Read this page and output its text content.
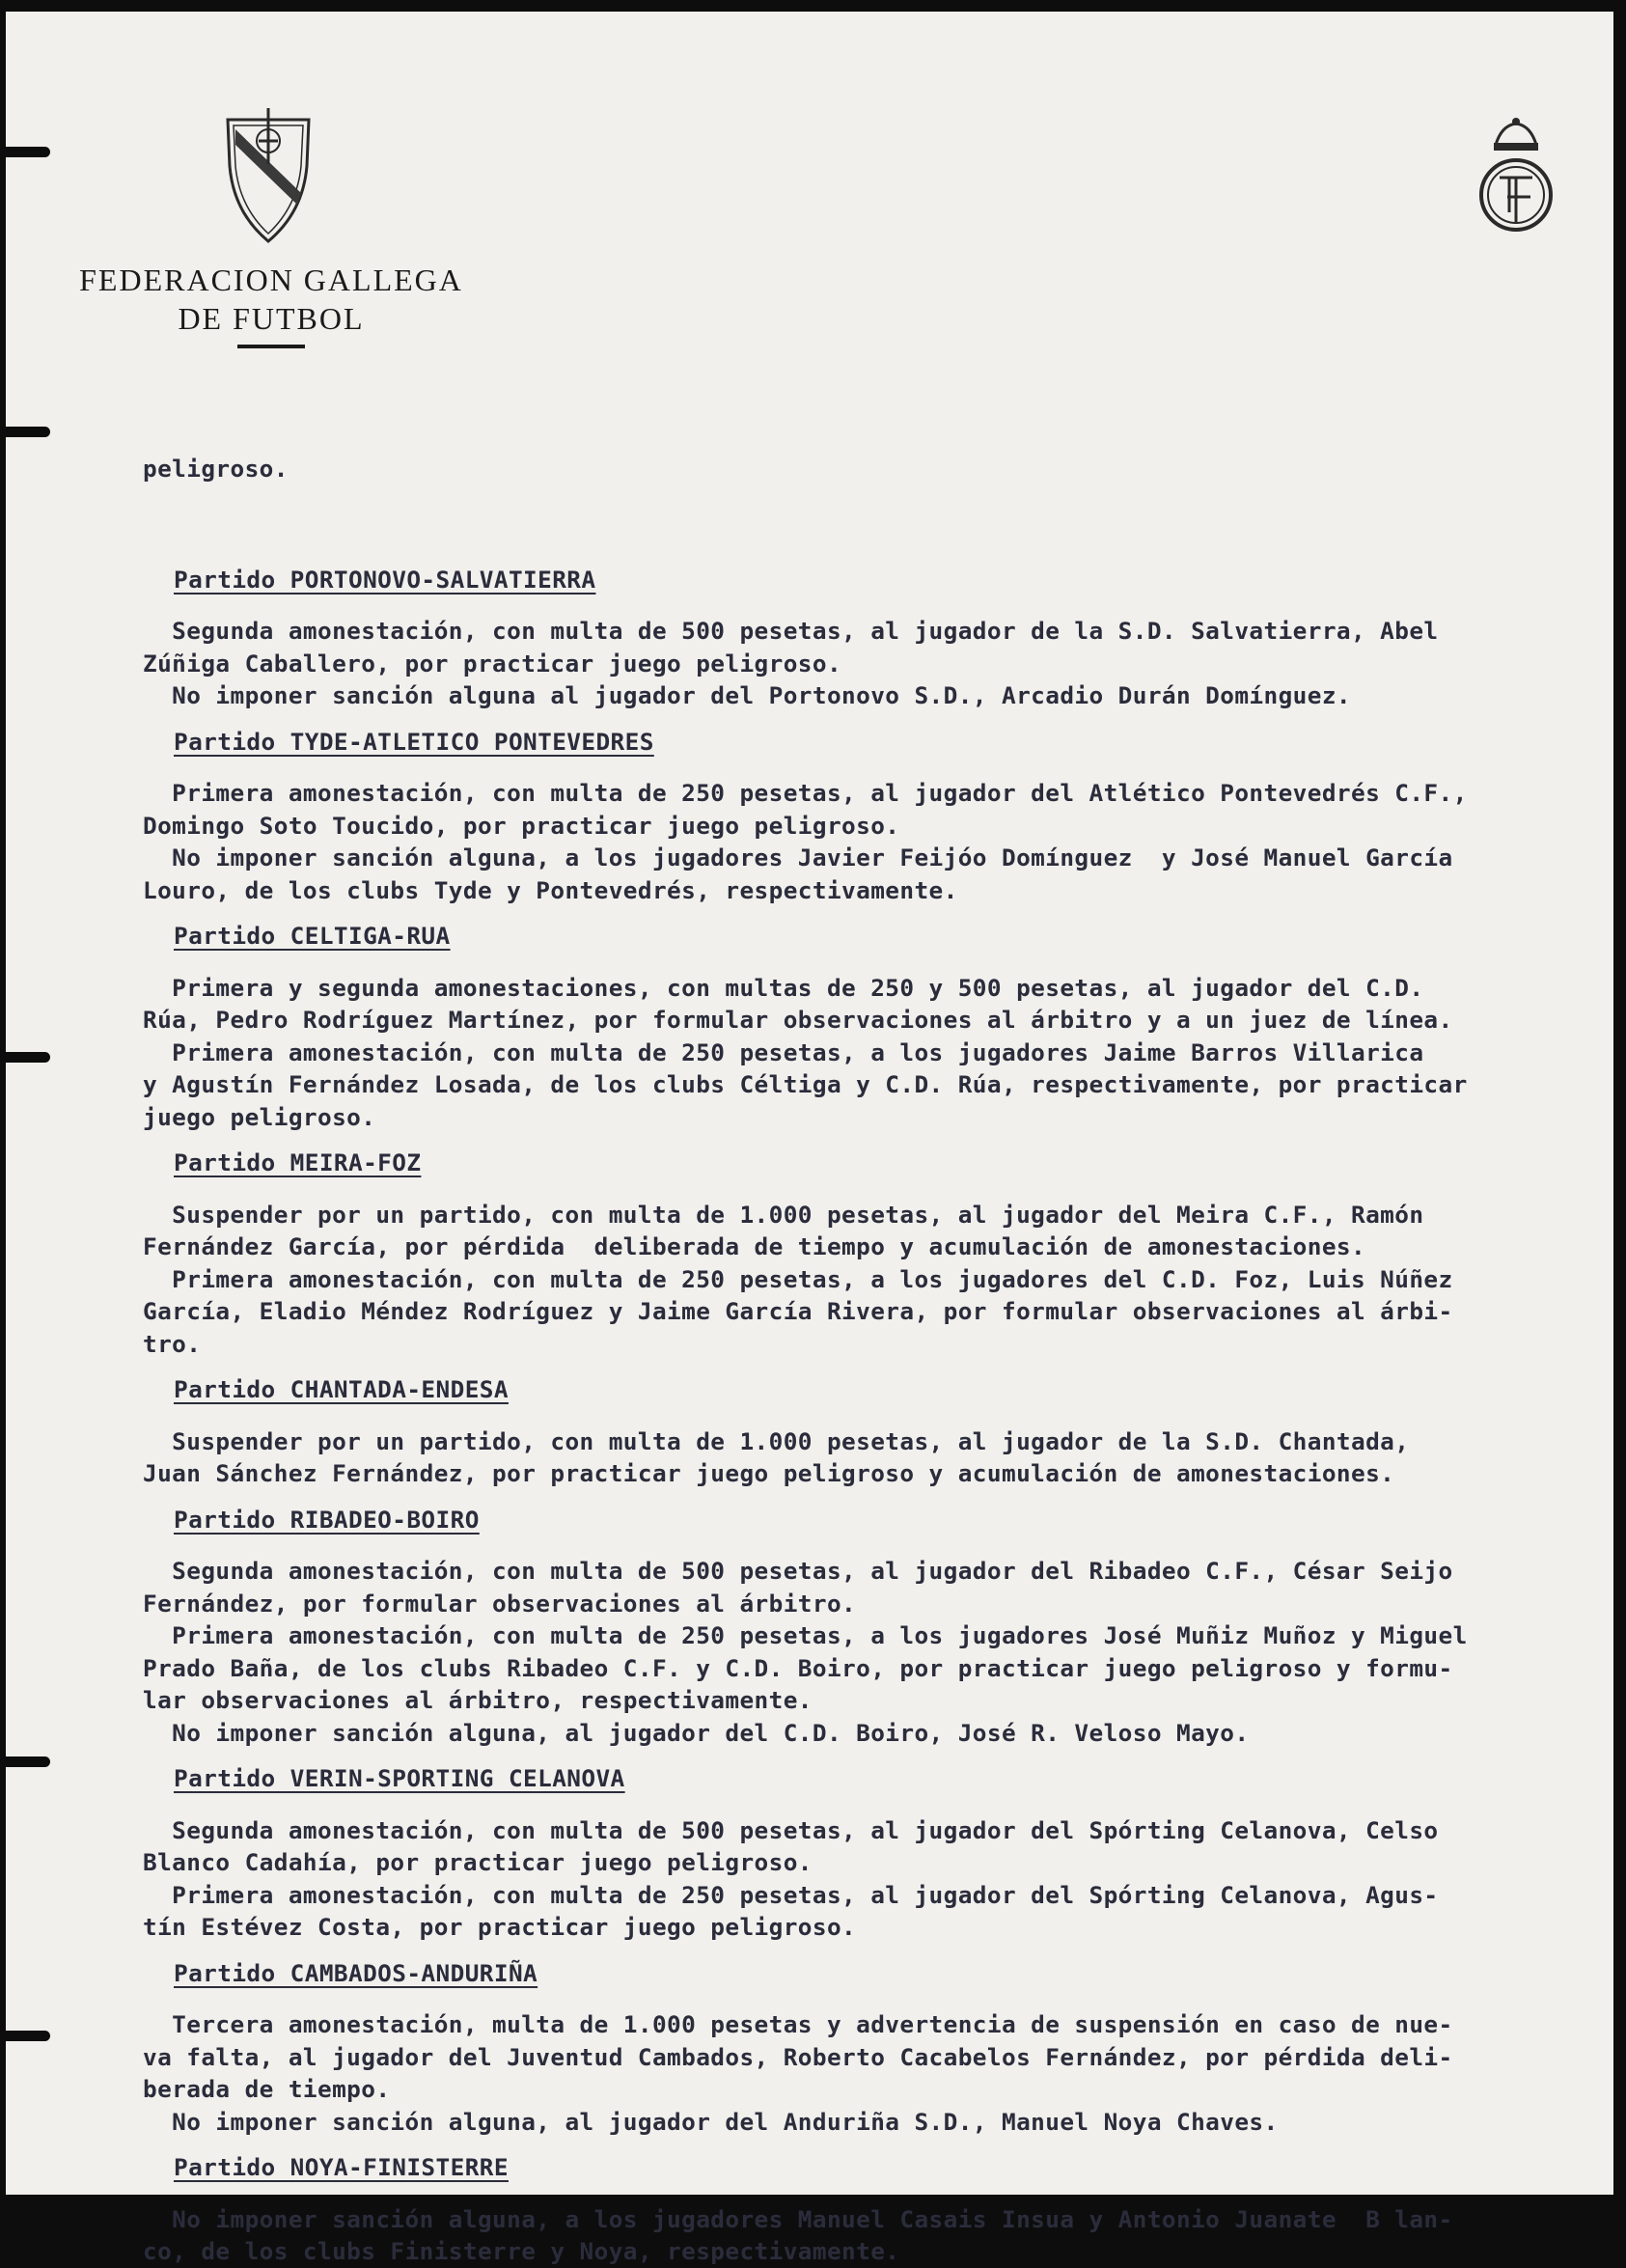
FEDERACION GALLEGA
DE FUTBOL

peligroso.

Partido PORTONOVO-SALVATIERRA
Segunda amonestación, con multa de 500 pesetas, al jugador de la S.D. Salvatierra, Abel
Zúñiga Caballero, por practicar juego peligroso.
No imponer sanción alguna al jugador del Portonovo S.D., Arcadio Durán Domínguez.
Partido TYDE-ATLETICO PONTEVEDRES
Primera amonestación, con multa de 250 pesetas, al jugador del Atlético Pontevedrés C.F.,
Domingo Soto Toucido, por practicar juego peligroso.
No imponer sanción alguna, a los jugadores Javier Feijóo Domínguez  y José Manuel García
Louro, de los clubs Tyde y Pontevedrés, respectivamente.
Partido CELTIGA-RUA
Primera y segunda amonestaciones, con multas de 250 y 500 pesetas, al jugador del C.D.
Rúa, Pedro Rodríguez Martínez, por formular observaciones al árbitro y a un juez de línea.
Primera amonestación, con multa de 250 pesetas, a los jugadores Jaime Barros Villarica
y Agustín Fernández Losada, de los clubs Céltiga y C.D. Rúa, respectivamente, por practicar
juego peligroso.
Partido MEIRA-FOZ
Suspender por un partido, con multa de 1.000 pesetas, al jugador del Meira C.F., Ramón
Fernández García, por pérdida  deliberada de tiempo y acumulación de amonestaciones.
Primera amonestación, con multa de 250 pesetas, a los jugadores del C.D. Foz, Luis Núñez
García, Eladio Méndez Rodríguez y Jaime García Rivera, por formular observaciones al árbi-
tro.
Partido CHANTADA-ENDESA
Suspender por un partido, con multa de 1.000 pesetas, al jugador de la S.D. Chantada,
Juan Sánchez Fernández, por practicar juego peligroso y acumulación de amonestaciones.
Partido RIBADEO-BOIRO
Segunda amonestación, con multa de 500 pesetas, al jugador del Ribadeo C.F., César Seijo
Fernández, por formular observaciones al árbitro.
Primera amonestación, con multa de 250 pesetas, a los jugadores José Muñiz Muñoz y Miguel
Prado Baña, de los clubs Ribadeo C.F. y C.D. Boiro, por practicar juego peligroso y formu-
lar observaciones al árbitro, respectivamente.
No imponer sanción alguna, al jugador del C.D. Boiro, José R. Veloso Mayo.
Partido VERIN-SPORTING CELANOVA
Segunda amonestación, con multa de 500 pesetas, al jugador del Spórting Celanova, Celso
Blanco Cadahía, por practicar juego peligroso.
Primera amonestación, con multa de 250 pesetas, al jugador del Spórting Celanova, Agus-
tín Estévez Costa, por practicar juego peligroso.
Partido CAMBADOS-ANDURIÑA
Tercera amonestación, multa de 1.000 pesetas y advertencia de suspensión en caso de nue-
va falta, al jugador del Juventud Cambados, Roberto Cacabelos Fernández, por pérdida deli-
berada de tiempo.
No imponer sanción alguna, al jugador del Anduriña S.D., Manuel Noya Chaves.
Partido NOYA-FINISTERRE
No imponer sanción alguna, a los jugadores Manuel Casais Insua y Antonio Juanate  B lan-
co, de los clubs Finisterre y Noya, respectivamente.
